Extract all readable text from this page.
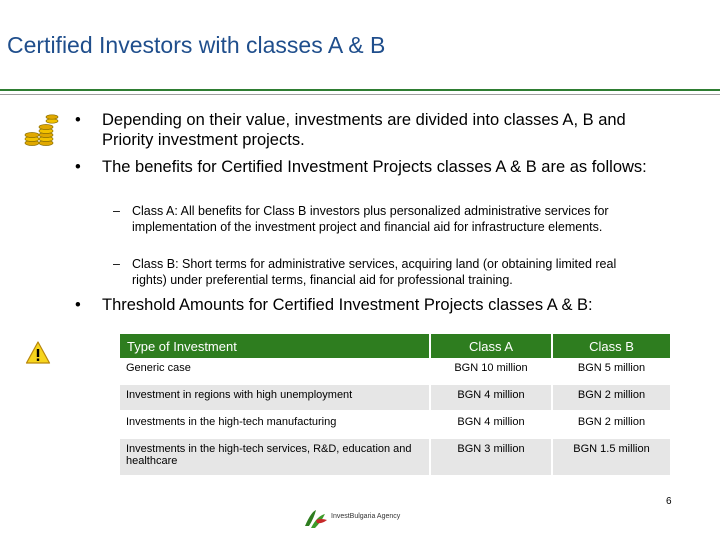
Certified Investors with classes A & B
• Depending on their value, investments are divided into classes A, B and Priority investment projects.
• The benefits for Certified Investment Projects classes A & B are as follows:
– Class A: All benefits for Class B investors plus personalized administrative services for implementation of the investment project and financial aid for infrastructure elements.
– Class B: Short terms for administrative services, acquiring land (or obtaining limited real rights) under preferential terms, financial aid for professional training.
• Threshold Amounts for Certified Investment Projects classes A & B:
Type of Investment	Class A	Class B
Generic case	BGN 10 million	BGN 5 million
Investment in regions with high unemployment	BGN 4 million	BGN 2 million
Investments in the high-tech manufacturing	BGN 4 million	BGN 2 million
Investments in the high-tech services, R&D, education and healthcare	BGN 3 million	BGN 1.5 million
6
InvestBulgaria Agency
